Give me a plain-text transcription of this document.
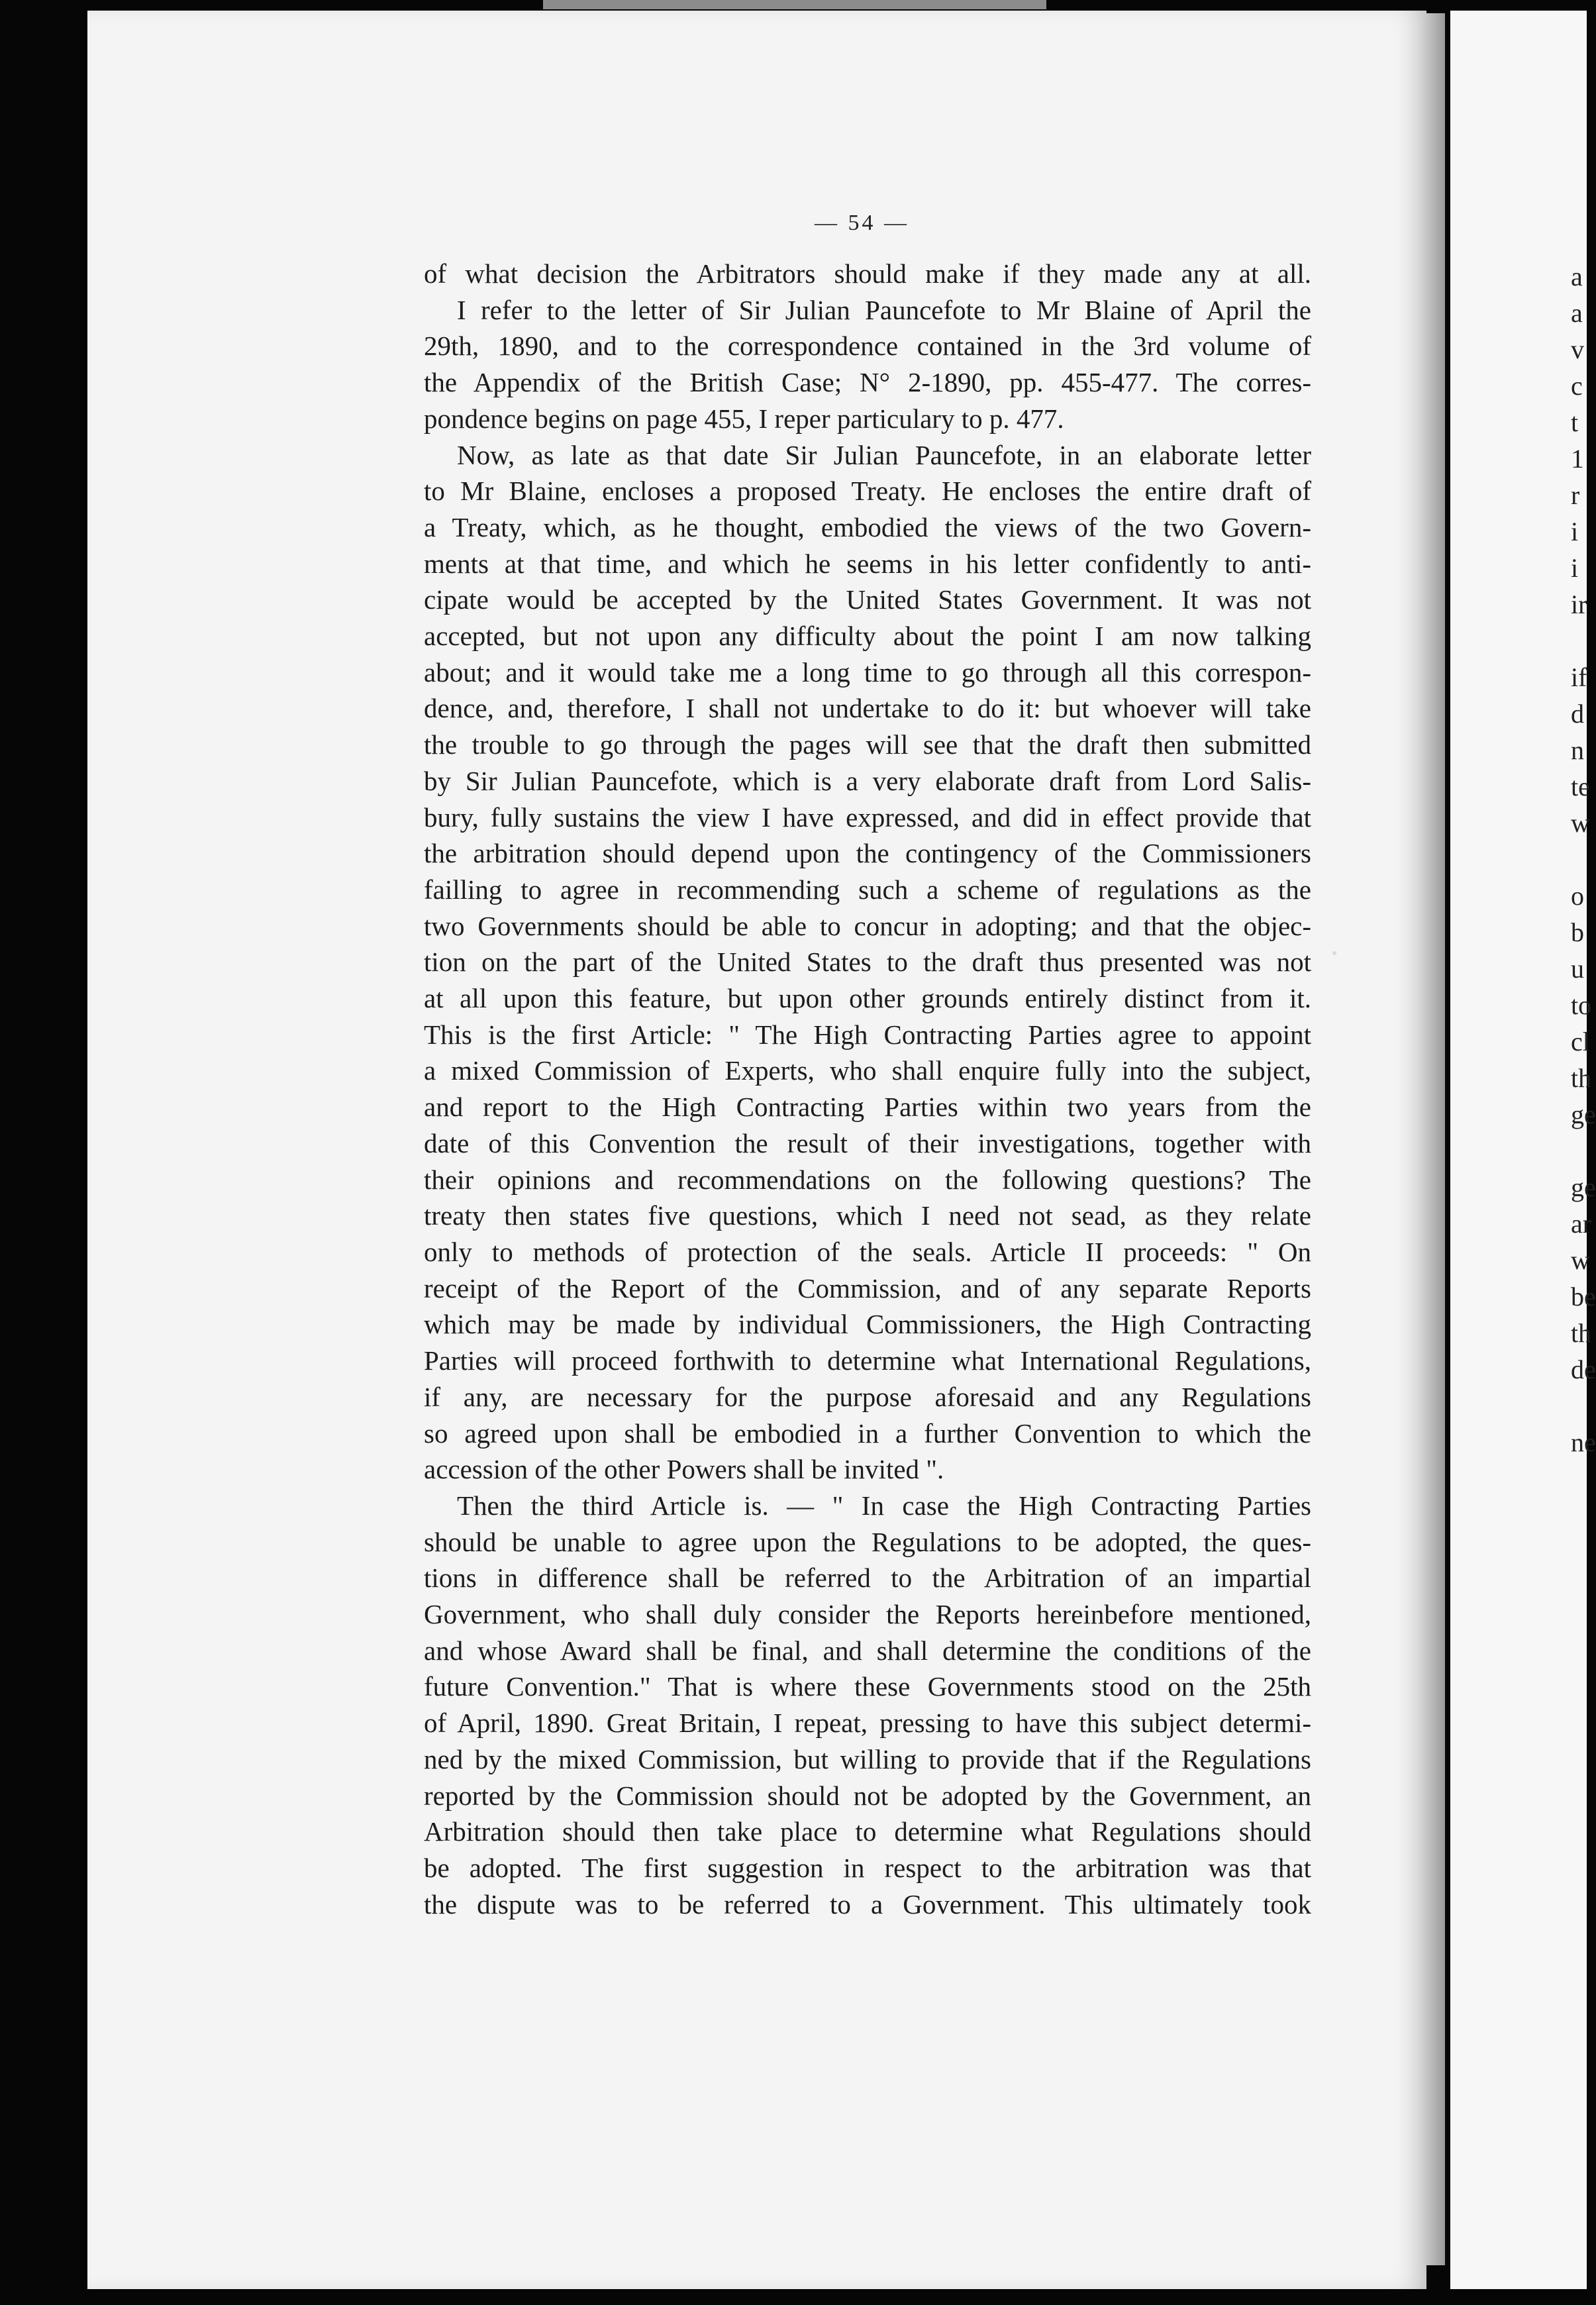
— 54 —
of what decision the Arbitrators should make if they made any at all.
I refer to the letter of Sir Julian Pauncefote to Mr Blaine of April the
29th, 1890, and to the correspondence contained in the 3rd volume of
the Appendix of the British Case; N° 2-1890, pp. 455-477. The corres-
pondence begins on page 455, I reper particulary to p. 477.
Now, as late as that date Sir Julian Pauncefote, in an elaborate letter
to Mr Blaine, encloses a proposed Treaty. He encloses the entire draft of
a Treaty, which, as he thought, embodied the views of the two Govern-
ments at that time, and which he seems in his letter confidently to anti-
cipate would be accepted by the United States Government. It was not
accepted, but not upon any difficulty about the point I am now talking
about; and it would take me a long time to go through all this correspon-
dence, and, therefore, I shall not undertake to do it: but whoever will take
the trouble to go through the pages will see that the draft then submitted
by Sir Julian Pauncefote, which is a very elaborate draft from Lord Salis-
bury, fully sustains the view I have expressed, and did in effect provide that
the arbitration should depend upon the contingency of the Commissioners
failling to agree in recommending such a scheme of regulations as the
two Governments should be able to concur in adopting; and that the objec-
tion on the part of the United States to the draft thus presented was not
at all upon this feature, but upon other grounds entirely distinct from it.
This is the first Article: " The High Contracting Parties agree to appoint
a mixed Commission of Experts, who shall enquire fully into the subject,
and report to the High Contracting Parties within two years from the
date of this Convention the result of their investigations, together with
their opinions and recommendations on the following questions? The
treaty then states five questions, which I need not sead, as they relate
only to methods of protection of the seals. Article II proceeds: " On
receipt of the Report of the Commission, and of any separate Reports
which may be made by individual Commissioners, the High Contracting
Parties will proceed forthwith to determine what International Regulations,
if any, are necessary for the purpose aforesaid and any Regulations
so agreed upon shall be embodied in a further Convention to which the
accession of the other Powers shall be invited ".
Then the third Article is. — " In case the High Contracting Parties
should be unable to agree upon the Regulations to be adopted, the ques-
tions in difference shall be referred to the Arbitration of an impartial
Government, who shall duly consider the Reports hereinbefore mentioned,
and whose Award shall be final, and shall determine the conditions of the
future Convention." That is where these Governments stood on the 25th
of April, 1890. Great Britain, I repeat, pressing to have this subject determi-
ned by the mixed Commission, but willing to provide that if the Regulations
reported by the Commission should not be adopted by the Government, an
Arbitration should then take place to determine what Regulations should
be adopted. The first suggestion in respect to the arbitration was that
the dispute was to be referred to a Government. This ultimately took
a
a
v
c
t
1
r
i
i
ir

if
d
n
te
w

o
b
u
to
cl
th
ge

ge
ar
w
be
th
de

ne
